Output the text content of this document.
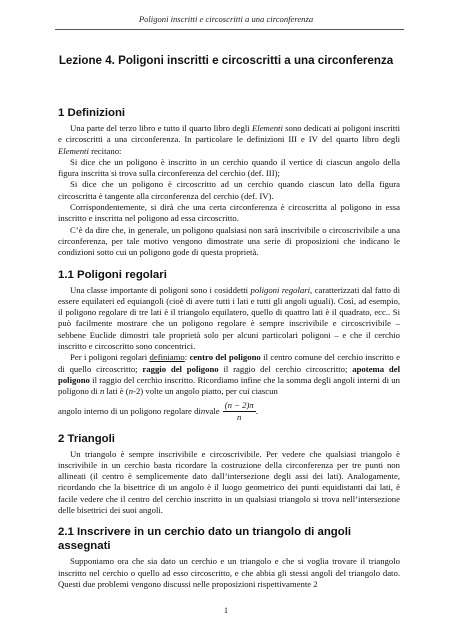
Poligoni inscritti e circoscritti a una circonferenza
Lezione 4. Poligoni inscritti e circoscritti a una circonferenza
1 Definizioni

Una parte del terzo libro e tutto il quarto libro degli Elementi sono dedicati ai poligoni inscritti e circoscritti a una circonferenza. In particolare le definizioni III e IV del quarto libro degli Elementi recitano:

Si dice che un poligono è inscritto in un cerchio quando il vertice di ciascun angolo della figura inscritta si trova sulla circonferenza del cerchio (def. III);

Si dice che un poligono è circoscritto ad un cerchio quando ciascun lato della figura circoscritta è tangente alla circonferenza del cerchio (def. IV).

Corrispondentemente, si dirà che una certa circonferenza è circoscritta al poligono in essa inscritto e inscritta nel poligono ad essa circoscritto.

C’è da dire che, in generale, un poligono qualsiasi non sarà inscrivibile o circoscrivibile a una circonferenza, per tale motivo vengono dimostrate una serie di proposizioni che indicano le condizioni sotto cui un poligono gode di questa proprietà.

1.1 Poligoni regolari

Una classe importante di poligoni sono i cosiddetti poligoni regolari, caratterizzati dal fatto di essere equilateri ed equiangoli (cioè di avere tutti i lati e tutti gli angoli uguali). Così, ad esempio, il poligono regolare di tre lati è il triangolo equilatero, quello di quattro lati è il quadrato, ecc.. Si può facilmente mostrare che un poligono regolare è sempre inscrivibile e circoscrivibile – sebbene Euclide dimostri tale proprietà solo per alcuni particolari poligoni – e che il cerchio inscritto e circoscritto sono concentrici.

Per i poligoni regolari definiamo: centro del poligono il centro comune del cerchio inscritto e di quello circoscritto; raggio del poligono il raggio del cerchio circoscritto; apotema del poligono il raggio del cerchio inscritto. Ricordiamo infine che la somma degli angoli interni di un poligono di n lati è (n-2) volte un angolo piatto, per cui ciascun

angolo interno di un poligono regolare di n vale $\frac{(n - 2)\pi}{n}$ .
2 Triangoli

Un triangolo è sempre inscrivibile e circoscrivibile. Per vedere che qualsiasi triangolo è inscrivibile in un cerchio basta ricordare la costruzione della circonferenza per tre punti non allineati (il centro è semplicemente dato dall’intersezione degli assi dei lati). Analogamente, ricordando che la bisettrice di un angolo è il luogo geometrico dei punti equidistanti dai lati, è facile vedere che il centro del cerchio inscritto in un qualsiasi triangolo si trova nell’intersezione delle bisettrici dei suoi angoli.

2.1 Inscrivere in un cerchio dato un triangolo di angoli assegnati

Supponiamo ora che sia dato un cerchio e un triangolo e che si voglia trovare il triangolo inscritto nel cerchio o quello ad esso circoscritto, e che abbia gli stessi angoli del triangolo dato. Questi due problemi vengono discussi nelle proposizioni rispettivamente 2

1
